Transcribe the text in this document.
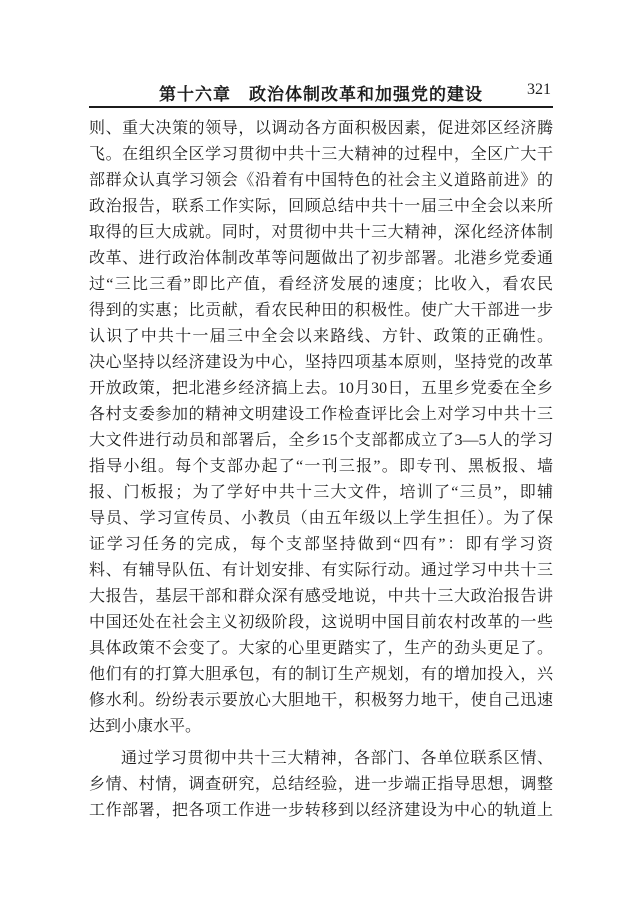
第十六章　政治体制改革和加强党的建设	321
则、重大决策的领导，以调动各方面积极因素，促进郊区经济腾
飞。在组织全区学习贯彻中共十三大精神的过程中，全区广大干
部群众认真学习领会《沿着有中国特色的社会主义道路前进》的
政治报告，联系工作实际，回顾总结中共十一届三中全会以来所
取得的巨大成就。同时，对贯彻中共十三大精神，深化经济体制
改革、进行政治体制改革等问题做出了初步部署。北港乡党委通
过“三比三看”即比产值，看经济发展的速度；比收入，看农民
得到的实惠；比贡献，看农民种田的积极性。使广大干部进一步
认识了中共十一届三中全会以来路线、方针、政策的正确性。
决心坚持以经济建设为中心，坚持四项基本原则，坚持党的改革
开放政策，把北港乡经济搞上去。10月30日，五里乡党委在全乡
各村支委参加的精神文明建设工作检查评比会上对学习中共十三
大文件进行动员和部署后，全乡15个支部都成立了3—5人的学习
指导小组。每个支部办起了“一刊三报”。即专刊、黑板报、墙
报、门板报；为了学好中共十三大文件，培训了“三员”，即辅
导员、学习宣传员、小教员（由五年级以上学生担任）。为了保
证学习任务的完成，每个支部坚持做到“四有”：即有学习资
料、有辅导队伍、有计划安排、有实际行动。通过学习中共十三
大报告，基层干部和群众深有感受地说，中共十三大政治报告讲
中国还处在社会主义初级阶段，这说明中国目前农村改革的一些
具体政策不会变了。大家的心里更踏实了，生产的劲头更足了。
他们有的打算大胆承包，有的制订生产规划，有的增加投入，兴
修水利。纷纷表示要放心大胆地干，积极努力地干，使自己迅速
达到小康水平。
通过学习贯彻中共十三大精神，各部门、各单位联系区情、
乡情、村情，调查研究，总结经验，进一步端正指导思想，调整
工作部署，把各项工作进一步转移到以经济建设为中心的轨道上
